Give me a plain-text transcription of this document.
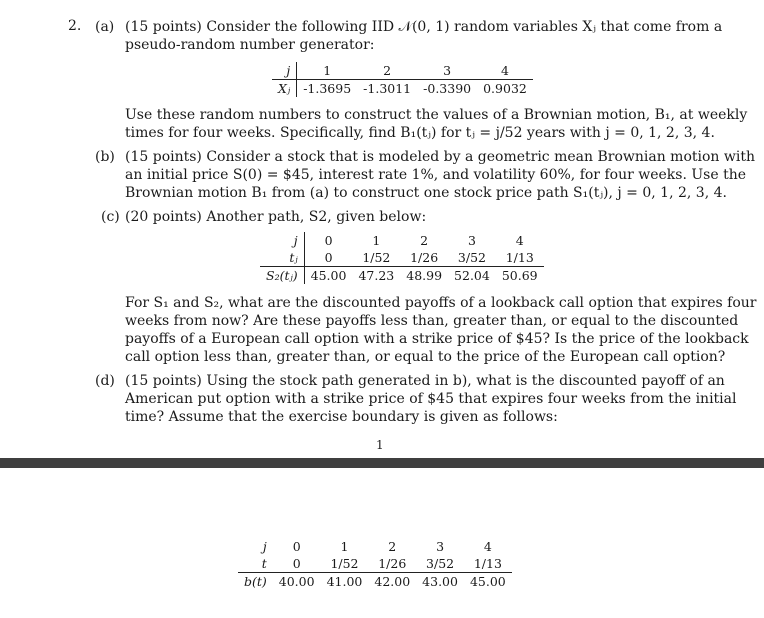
2. (a) (15 points) Consider the following IID 𝒩(0, 1) random variables Xⱼ that come from a
pseudo-random number generator:
j	1	2	3	4
Xⱼ	-1.3695	-1.3011	-0.3390	0.9032
Use these random numbers to construct the values of a Brownian motion, B₁, at weekly
times for four weeks. Specifically, find B₁(tⱼ) for tⱼ = j/52 years with j = 0, 1, 2, 3, 4.
(b) (15 points) Consider a stock that is modeled by a geometric mean Brownian motion with
an initial price S(0) = $45, interest rate 1%, and volatility 60%, for four weeks. Use the
Brownian motion B₁ from (a) to construct one stock price path S₁(tⱼ), j = 0, 1, 2, 3, 4.
(c) (20 points) Another path, S2, given below:
j	0	1	2	3	4
tⱼ	0	1/52	1/26	3/52	1/13
S₂(tⱼ)	45.00	47.23	48.99	52.04	50.69
For S₁ and S₂, what are the discounted payoffs of a lookback call option that expires four
weeks from now? Are these payoffs less than, greater than, or equal to the discounted
payoffs of a European call option with a strike price of $45? Is the price of the lookback
call option less than, greater than, or equal to the price of the European call option?
(d) (15 points) Using the stock path generated in b), what is the discounted payoff of an
American put option with a strike price of $45 that expires four weeks from the initial
time? Assume that the exercise boundary is given as follows:
1
j	0	1	2	3	4
t	0	1/52	1/26	3/52	1/13
b(t)	40.00	41.00	42.00	43.00	45.00
